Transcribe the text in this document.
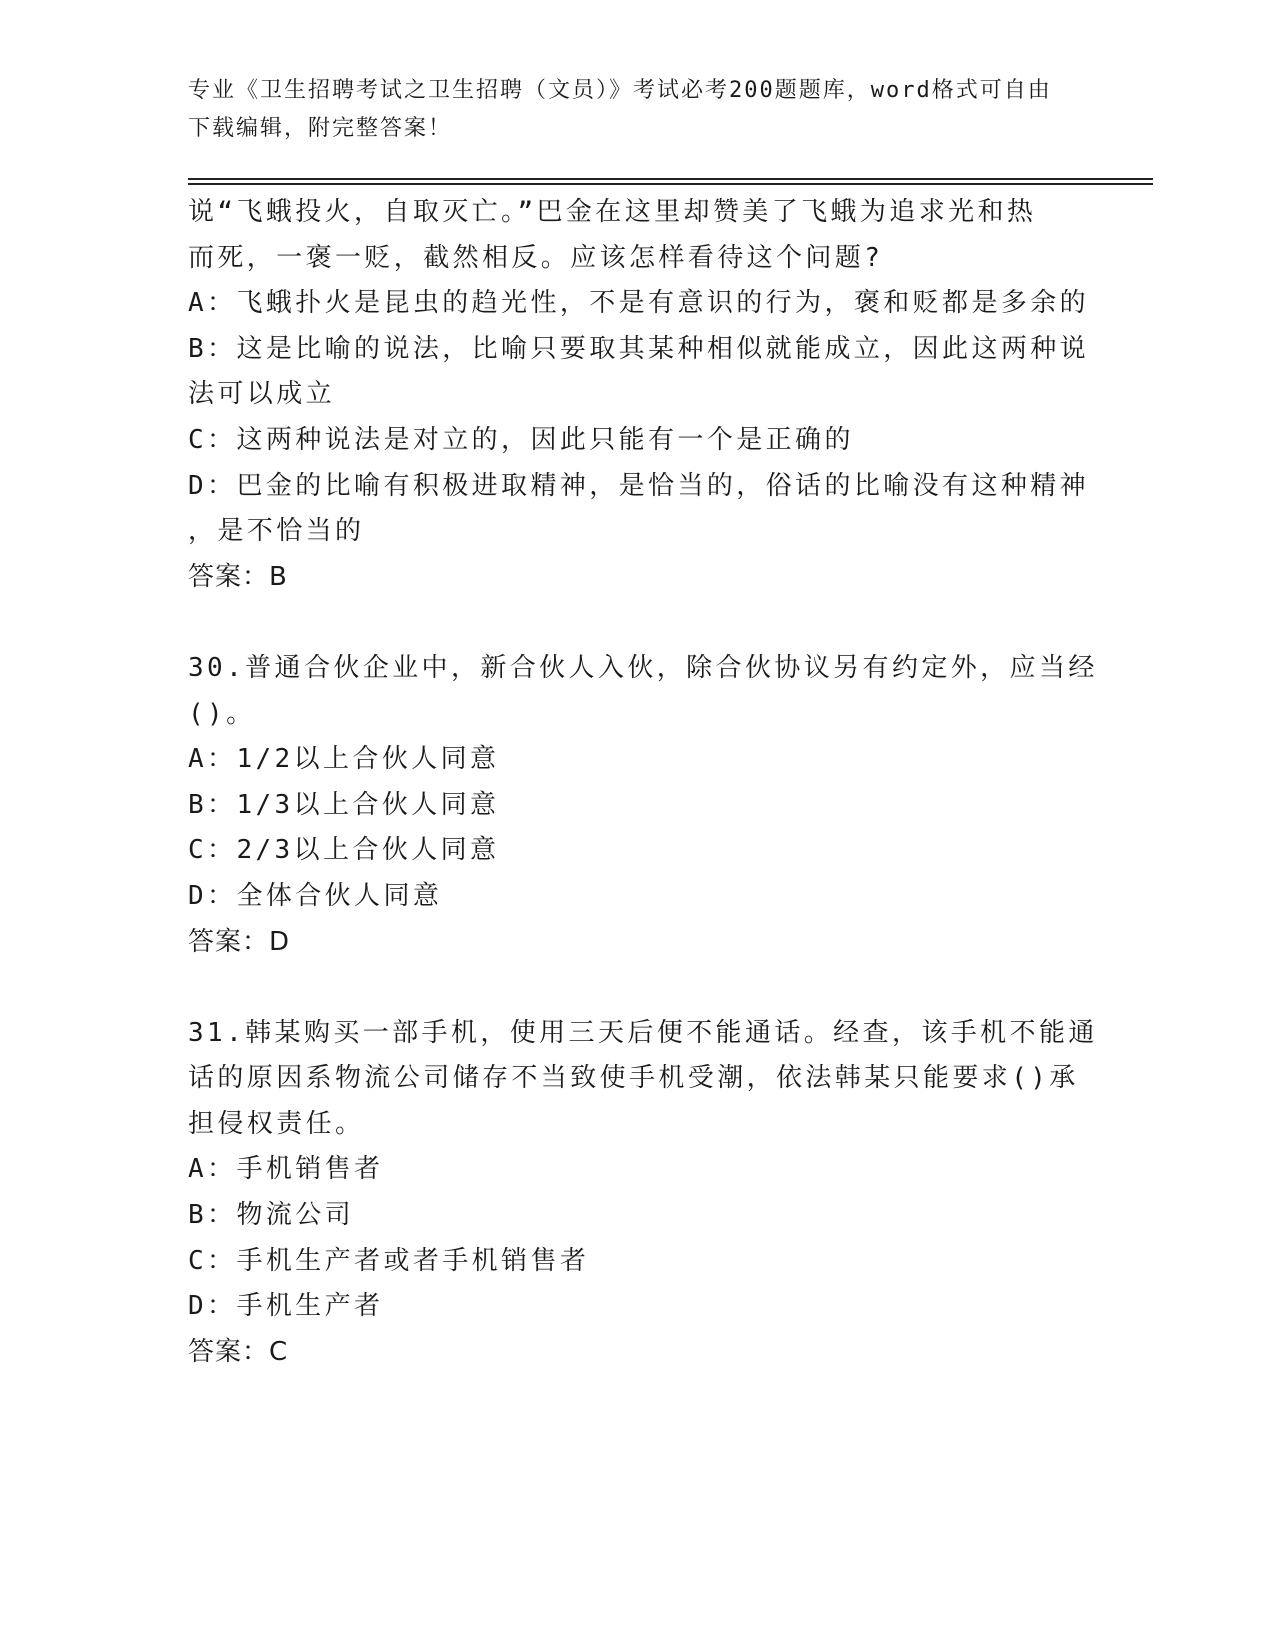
专业《卫生招聘考试之卫生招聘（文员）》考试必考200题题库，word格式可自由下载编辑，附完整答案！
说“飞蛾投火，自取灭亡。”巴金在这里却赞美了飞蛾为追求光和热
而死，一褒一贬，截然相反。应该怎样看待这个问题?
A：飞蛾扑火是昆虫的趋光性，不是有意识的行为，褒和贬都是多余的
B：这是比喻的说法，比喻只要取其某种相似就能成立，因此这两种说
法可以成立
C：这两种说法是对立的，因此只能有一个是正确的
D：巴金的比喻有积极进取精神，是恰当的，俗话的比喻没有这种精神
，是不恰当的
答案：B
30.普通合伙企业中，新合伙人入伙，除合伙协议另有约定外，应当经
()。
A：1/2以上合伙人同意
B：1/3以上合伙人同意
C：2/3以上合伙人同意
D：全体合伙人同意
答案：D
31.韩某购买一部手机，使用三天后便不能通话。经查，该手机不能通
话的原因系物流公司储存不当致使手机受潮，依法韩某只能要求()承
担侵权责任。
A：手机销售者
B：物流公司
C：手机生产者或者手机销售者
D：手机生产者
答案：C
